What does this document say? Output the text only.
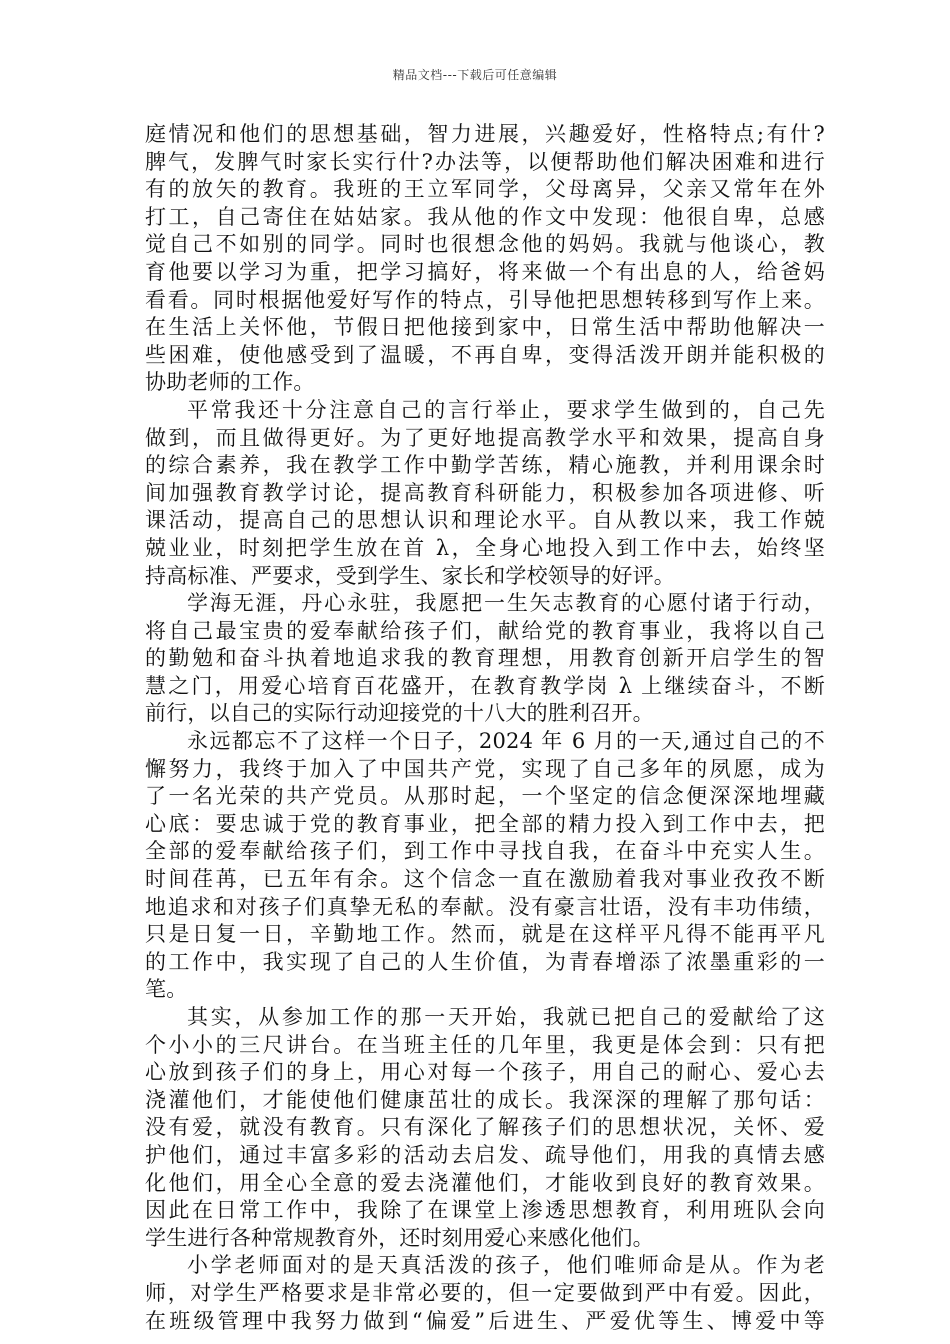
精品文档---下载后可任意编辑
庭情况和他们的思想基础，智力进展，兴趣爱好，性格特点;有什?
脾气，发脾气时家长实行什?办法等，以便帮助他们解决困难和进行
有的放矢的教育。我班的王立军同学，父母离异，父亲又常年在外
打工，自己寄住在姑姑家。我从他的作文中发现：他很自卑，总感
觉自己不如别的同学。同时也很想念他的妈妈。我就与他谈心，教
育他要以学习为重，把学习搞好，将来做一个有出息的人，给爸妈
看看。同时根据他爱好写作的特点，引导他把思想转移到写作上来。
在生活上关怀他，节假日把他接到家中，日常生活中帮助他解决一
些困难，使他感受到了温暖，不再自卑，变得活泼开朗并能积极的
协助老师的工作。
平常我还十分注意自己的言行举止，要求学生做到的，自己先
做到，而且做得更好。为了更好地提高教学水平和效果，提高自身
的综合素养，我在教学工作中勤学苦练，精心施教，并利用课余时
间加强教育教学讨论，提高教育科研能力，积极参加各项进修、听
课活动，提高自己的思想认识和理论水平。自从教以来，我工作兢
兢业业，时刻把学生放在首 λ，全身心地投入到工作中去，始终坚
持高标准、严要求，受到学生、家长和学校领导的好评。
学海无涯，丹心永驻，我愿把一生矢志教育的心愿付诸于行动，
将自己最宝贵的爱奉献给孩子们，献给党的教育事业，我将以自己
的勤勉和奋斗执着地追求我的教育理想，用教育创新开启学生的智
慧之门，用爱心培育百花盛开，在教育教学岗 λ 上继续奋斗，不断
前行，以自己的实际行动迎接党的十八大的胜利召开。
永远都忘不了这样一个日子，2024 年 6 月的一天,通过自己的不
懈努力，我终于加入了中国共产党，实现了自己多年的夙愿，成为
了一名光荣的共产党员。从那时起，一个坚定的信念便深深地埋藏
心底：要忠诚于党的教育事业，把全部的精力投入到工作中去，把
全部的爱奉献给孩子们，到工作中寻找自我，在奋斗中充实人生。
时间荏苒，已五年有余。这个信念一直在激励着我对事业孜孜不断
地追求和对孩子们真挚无私的奉献。没有豪言壮语，没有丰功伟绩，
只是日复一日，辛勤地工作。然而，就是在这样平凡得不能再平凡
的工作中，我实现了自己的人生价值，为青春增添了浓墨重彩的一
笔。
其实，从参加工作的那一天开始，我就已把自己的爱献给了这
个小小的三尺讲台。在当班主任的几年里，我更是体会到：只有把
心放到孩子们的身上，用心对每一个孩子，用自己的耐心、爱心去
浇灌他们，才能使他们健康茁壮的成长。我深深的理解了那句话：
没有爱，就没有教育。只有深化了解孩子们的思想状况，关怀、爱
护他们，通过丰富多彩的活动去启发、疏导他们，用我的真情去感
化他们，用全心全意的爱去浇灌他们，才能收到良好的教育效果。
因此在日常工作中，我除了在课堂上渗透思想教育，利用班队会向
学生进行各种常规教育外，还时刻用爱心来感化他们。
小学老师面对的是天真活泼的孩子，他们唯师命是从。作为老
师，对学生严格要求是非常必要的，但一定要做到严中有爱。因此，
在班级管理中我努力做到“偏爱”后进生、严爱优等生、博爱中等
